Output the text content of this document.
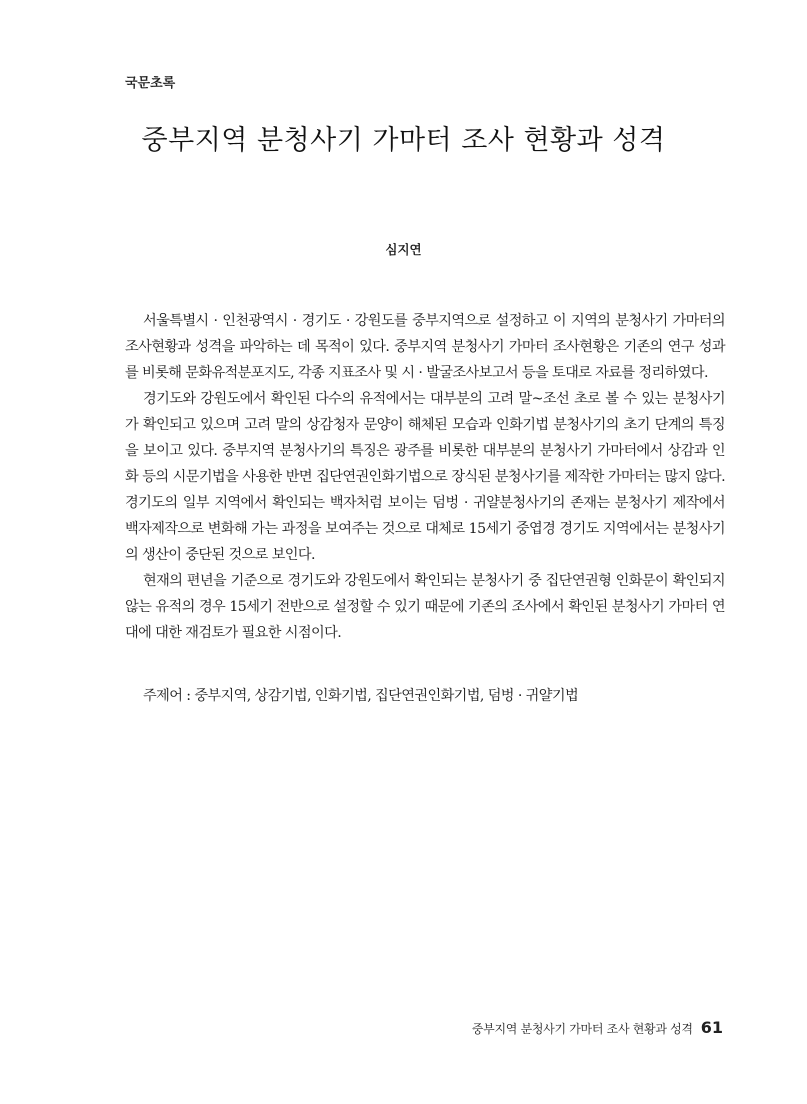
국문초록
중부지역 분청사기 가마터 조사 현황과 성격
심지연

서울특별시 · 인천광역시 · 경기도 · 강원도를 중부지역으로 설정하고 이 지역의 분청사기 가마터의 조사현황과 성격을 파악하는 데 목적이 있다. 중부지역 분청사기 가마터 조사현황은 기존의 연구 성과를 비롯해 문화유적분포지도, 각종 지표조사 및 시 · 발굴조사보고서 등을 토대로 자료를 정리하였다.

경기도와 강원도에서 확인된 다수의 유적에서는 대부분의 고려 말~조선 초로 볼 수 있는 분청사기가 확인되고 있으며 고려 말의 상감청자 문양이 해체된 모습과 인화기법 분청사기의 초기 단계의 특징을 보이고 있다. 중부지역 분청사기의 특징은 광주를 비롯한 대부분의 분청사기 가마터에서 상감과 인화 등의 시문기법을 사용한 반면 집단연권인화기법으로 장식된 분청사기를 제작한 가마터는 많지 않다. 경기도의 일부 지역에서 확인되는 백자처럼 보이는 덤벙 · 귀얄분청사기의 존재는 분청사기 제작에서 백자제작으로 변화해 가는 과정을 보여주는 것으로 대체로 15세기 중엽경 경기도 지역에서는 분청사기의 생산이 중단된 것으로 보인다.

현재의 편년을 기준으로 경기도와 강원도에서 확인되는 분청사기 중 집단연권형 인화문이 확인되지 않는 유적의 경우 15세기 전반으로 설정할 수 있기 때문에 기존의 조사에서 확인된 분청사기 가마터 연대에 대한 재검토가 필요한 시점이다.

주제어 : 중부지역, 상감기법, 인화기법, 집단연권인화기법, 덤벙 · 귀얄기법
중부지역 분청사기 가마터 조사 현황과 성격 61
